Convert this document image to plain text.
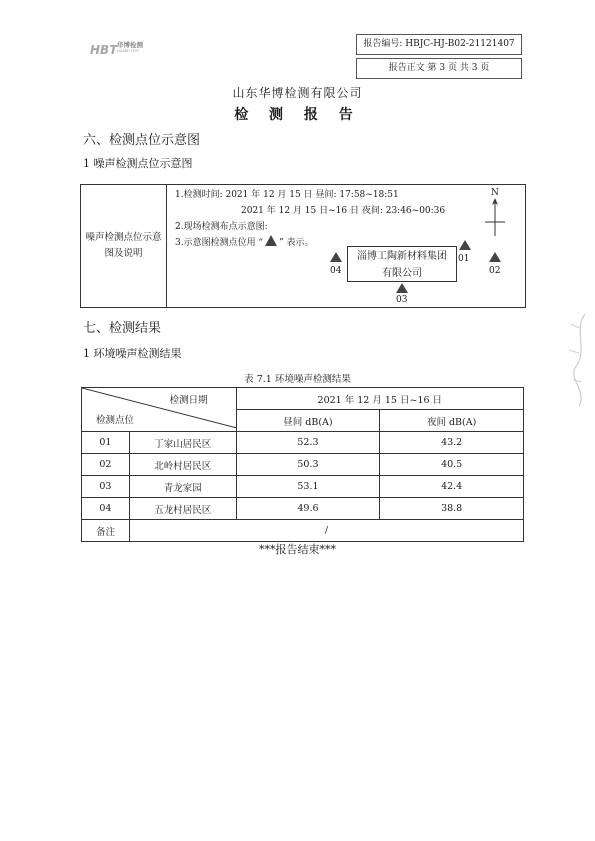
HBT 华博检测
HUABO TEST
报告编号: HBJC-HJ-B02-21121407
报告正文 第 3 页 共 3 页
山东华博检测有限公司
检 测 报 告
六、检测点位示意图
1 噪声检测点位示意图
噪声检测点位示意图及说明
1.检测时间: 2021 年 12 月 15 日 昼间: 17:58~18:51
2021 年 12 月 15 日~16 日 夜间: 23:46~00:36
2.现场检测布点示意图:
3.示意图检测点位用 “ ” 表示。
N
淄博工陶新材料集团
有限公司
04
01
02
03
七、检测结果
1 环境噪声检测结果
表 7.1 环境噪声检测结果
检测日期
检测点位		2021 年 12 月 15 日~16 日	
		昼间 dB(A)	夜间 dB(A)
01	丁家山居民区	52.3	43.2
02	北岭村居民区	50.3	40.5
03	青龙家园	53.1	42.4
04	五龙村居民区	49.6	38.8
备注	/		
***报告结束***
